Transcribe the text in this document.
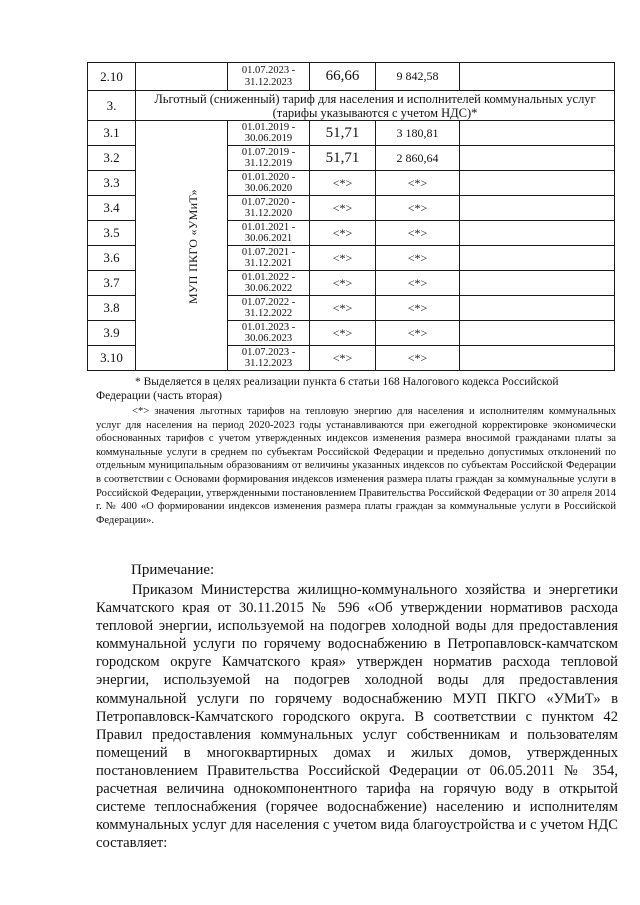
2.10		01.07.2023 -
31.12.2023	66,66	9 842,58	
3.	Льготный (сниженный) тариф для населения и исполнителей коммунальных услуг
(тарифы указываются с учетом НДС)*				
3.1	МУП ПКГО «УМиТ»	01.01.2019 -
30.06.2019	51,71	3 180,81	
3.2		01.07.2019 -
31.12.2019	51,71	2 860,64	
3.3		01.01.2020 -
30.06.2020	<*>	<*>	
3.4		01.07.2020 -
31.12.2020	<*>	<*>	
3.5		01.01.2021 -
30.06.2021	<*>	<*>	
3.6		01.07.2021 -
31.12.2021	<*>	<*>	
3.7		01.01.2022 -
30.06.2022	<*>	<*>	
3.8		01.07.2022 -
31.12.2022	<*>	<*>	
3.9		01.01.2023 -
30.06.2023	<*>	<*>	
3.10		01.07.2023 -
31.12.2023	<*>	<*>	

* Выделяется в целях реализации пункта 6 статьи 168 Налогового кодекса Российской

Федерации (часть вторая)

<*> значения льготных тарифов на тепловую энергию для населения и исполнителям коммунальных услуг для населения на период 2020-2023 годы устанавливаются при ежегодной корректировке экономически обоснованных тарифов с учетом утвержденных индексов изменения размера вносимой гражданами платы за коммунальные услуги в среднем по субъектам Российской Федерации и предельно допустимых отклонений по отдельным муниципальным образованиям от величины указанных индексов по субъектам Российской Федерации в соответствии с Основами формирования индексов изменения размера платы граждан за коммунальные услуги в Российской Федерации, утвержденными постановлением Правительства Российской Федерации от 30 апреля 2014 г. № 400 «О формировании индексов изменения размера платы граждан за коммунальные услуги в Российской Федерации».

Примечание:

Приказом Министерства жилищно-коммунального хозяйства и энергетики Камчатского края от 30.11.2015 № 596 «Об утверждении нормативов расхода тепловой энергии, используемой на подогрев холодной воды для предоставления коммунальной услуги по горячему водоснабжению в Петропавловск-камчатском городском округе Камчатского края» утвержден норматив расхода тепловой энергии, используемой на подогрев холодной воды для предоставления коммунальной услуги по горячему водоснабжению МУП ПКГО «УМиТ» в Петропавловск-Камчатского городского округа. В соответствии с пунктом 42 Правил предоставления коммунальных услуг собственникам и пользователям помещений в многоквартирных домах и жилых домов, утвержденных постановлением Правительства Российской Федерации от 06.05.2011 № 354, расчетная величина однокомпонентного тарифа на горячую воду в открытой системе теплоснабжения (горячее водоснабжение) населению и исполнителям коммунальных услуг для населения с учетом вида благоустройства и с учетом НДС составляет:
